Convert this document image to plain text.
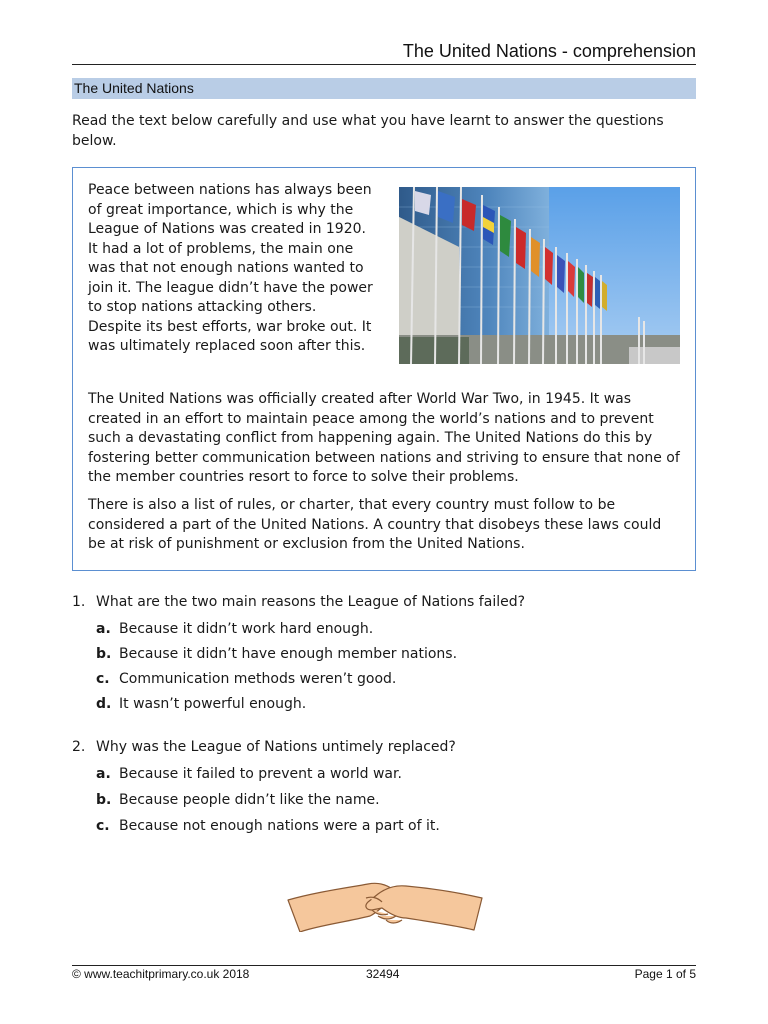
The United Nations - comprehension
The United Nations
Read the text below carefully and use what you have learnt to answer the questions below.

Peace between nations has always been of great importance, which is why the League of Nations was created in 1920. It had a lot of problems, the main one was that not enough nations wanted to join it. The league didn’t have the power to stop nations attacking others. Despite its best efforts, war broke out. It was ultimately replaced soon after this.

The United Nations was officially created after World War Two, in 1945. It was created in an effort to maintain peace among the world’s nations and to prevent such a devastating conflict from happening again. The United Nations do this by fostering better communication between nations and striving to ensure that none of the member countries resort to force to solve their problems.

There is also a list of rules, or charter, that every country must follow to be considered a part of the United Nations. A country that disobeys these laws could be at risk of punishment or exclusion from the United Nations.

1. What are the two main reasons the League of Nations failed?
a. Because it didn’t work hard enough.
b. Because it didn’t have enough member nations.
c. Communication methods weren’t good.
d. It wasn’t powerful enough.
2. Why was the League of Nations untimely replaced?
a. Because it failed to prevent a world war.
b. Because people didn’t like the name.
c. Because not enough nations were a part of it.
© www.teachitprimary.co.uk 2018	32494	Page 1 of 5
